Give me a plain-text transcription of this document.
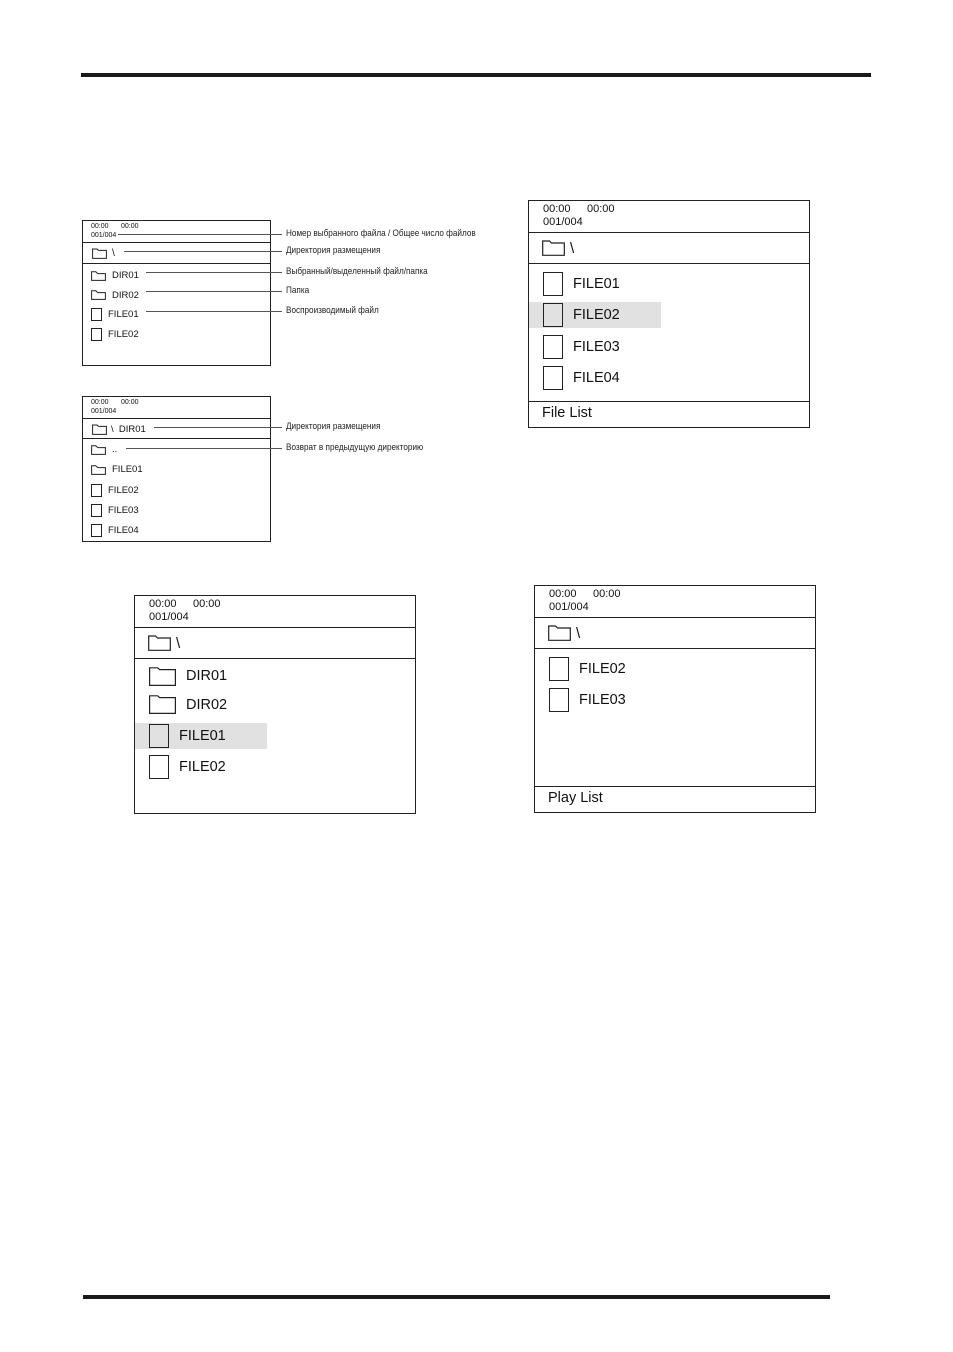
00:00 00:00
001/004
\
DIR01
DIR02
FILE01
FILE02
00:00 00:00
001/004
\  DIR01
..
FILE01
FILE02
FILE03
FILE04
Номер выбранного файла / Общее число файлов
Директория размещения
Выбранный/выделенный файл/папка
Папка
Воспроизводимый файл
Директория размещения
Возврат в предыдущую директорию
00:00 00:00
001/004
\
FILE01
FILE02
FILE03
FILE04
File List
00:00 00:00
001/004
\
DIR01
DIR02
FILE01
FILE02
00:00 00:00
001/004
\
FILE02
FILE03
Play List
